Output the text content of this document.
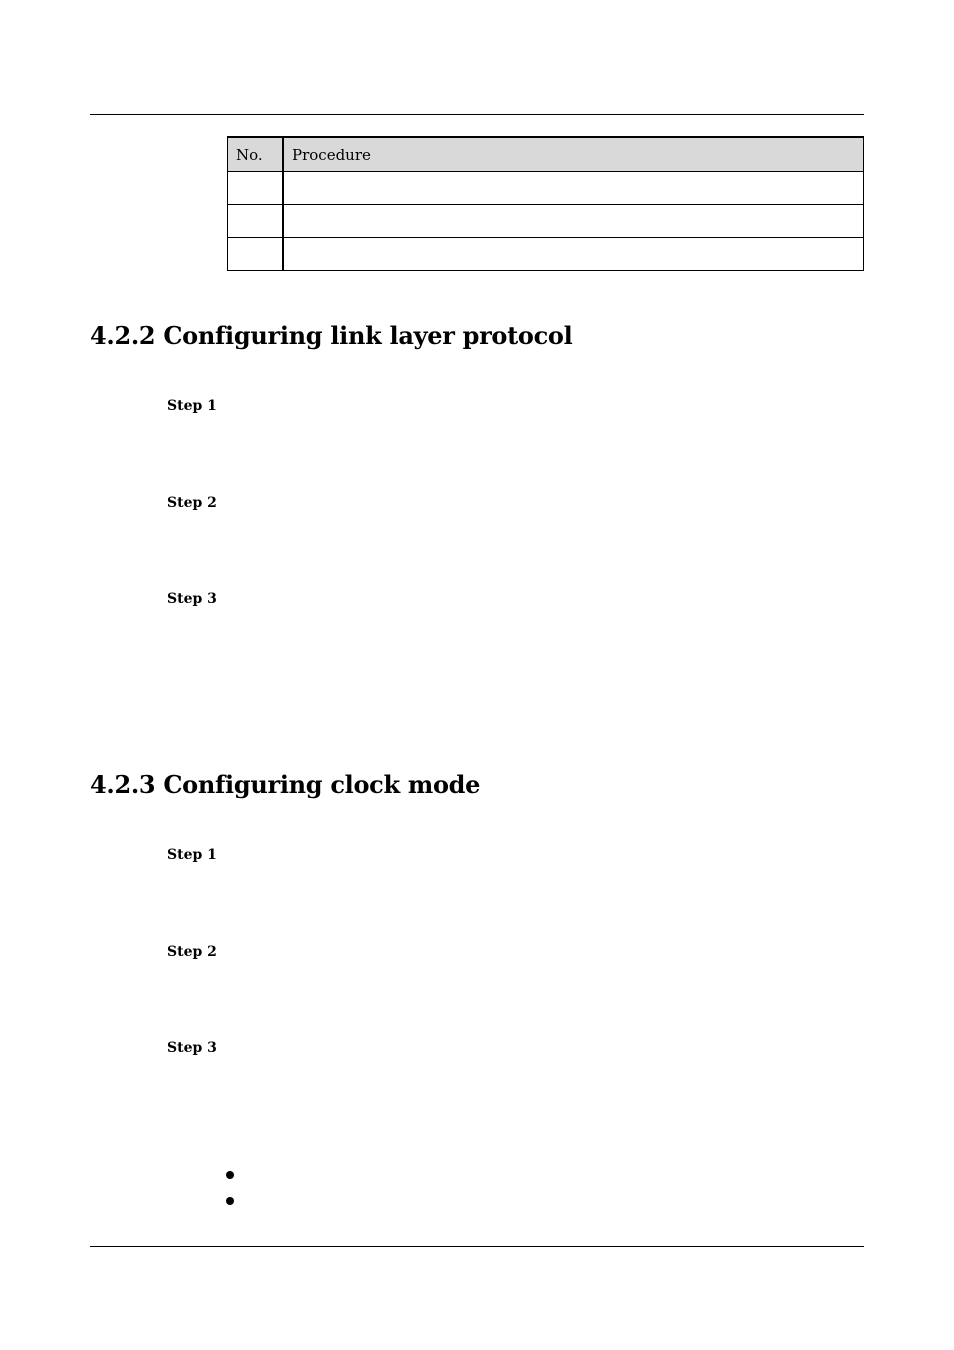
No.	Procedure

4.2.2 Configuring link layer protocol
Step 1
Step 2
Step 3
4.2.3 Configuring clock mode
Step 1
Step 2
Step 3
